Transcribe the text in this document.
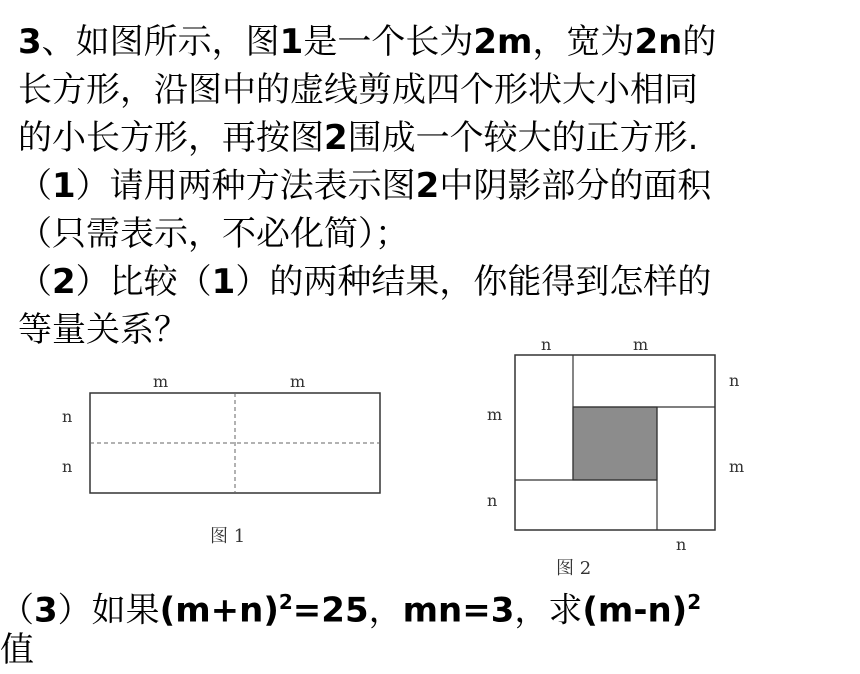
3、如图所示，图1是一个长为2m，宽为2n的

长方形，沿图中的虚线剪成四个形状大小相同

的小长方形，再按图2围成一个较大的正方形.

（1）请用两种方法表示图2中阴影部分的面积

（只需表示，不必化简）；

（2）比较（1）的两种结果，你能得到怎样的

等量关系？

m	m
n
n
图 1
n	m
n
m
m
n
n
图 2
（3）如果$(m+n)^2=25$，mn=3，求$(m-n)^2$
值
